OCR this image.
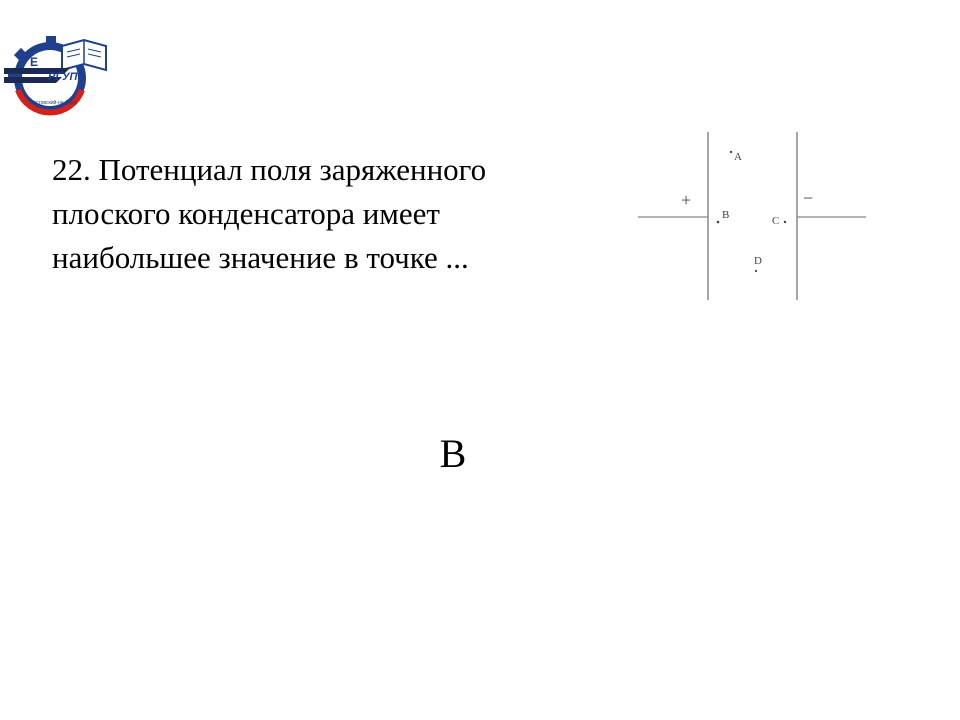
Е
РГУПС
Ростовский-на-Дону

22. Потенциал поля заряженного
плоского конденсатора имеет
наибольшее значение в точке ...

+	−
A
B	C
D
B
